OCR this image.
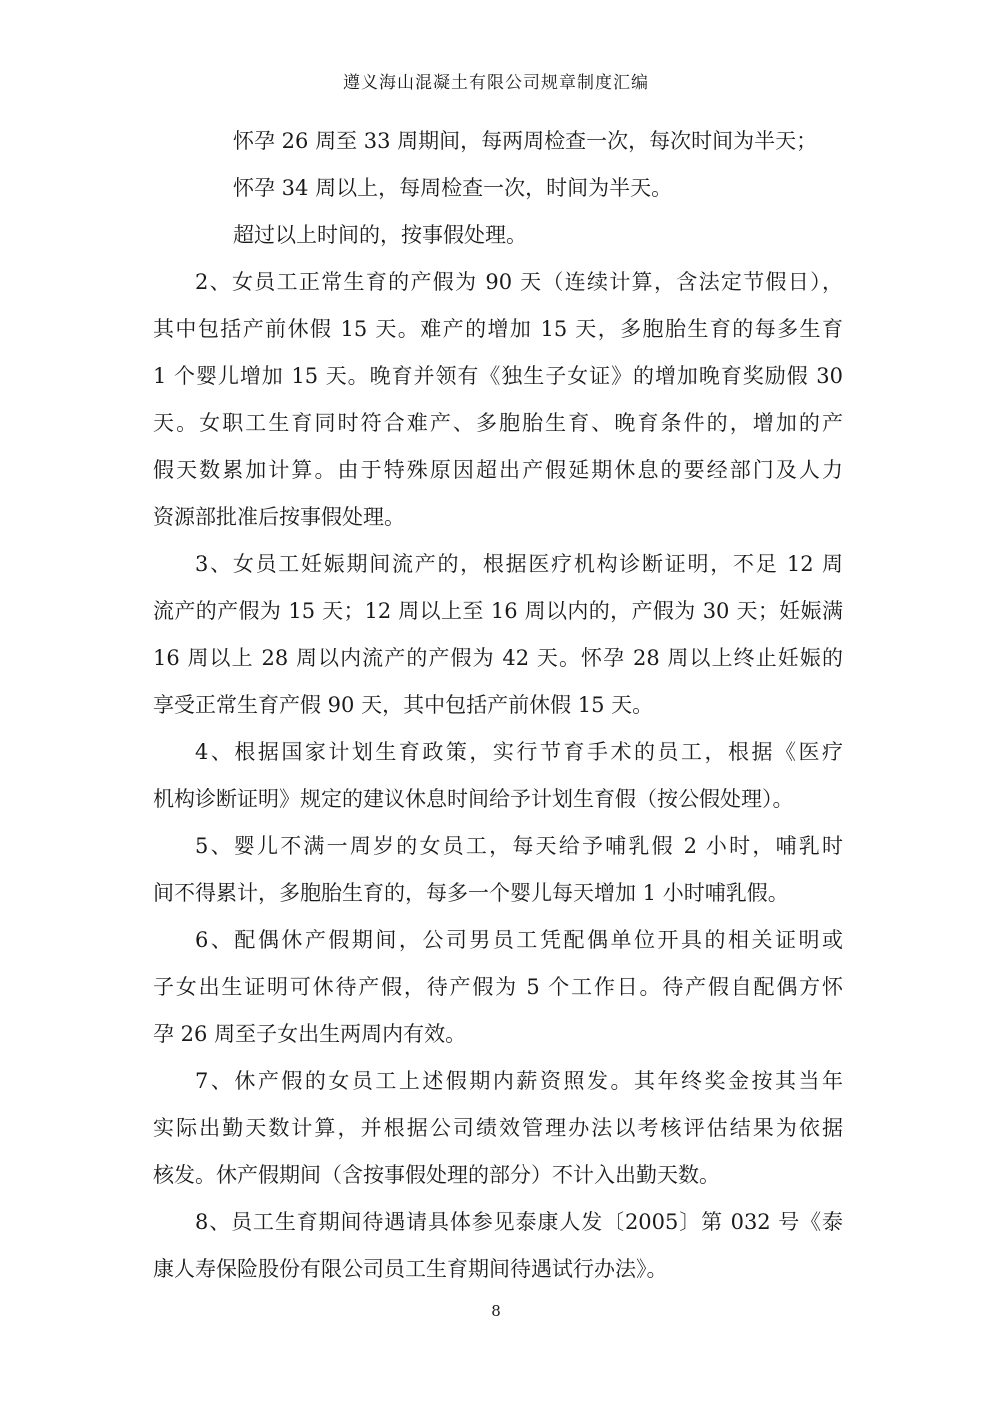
遵义海山混凝土有限公司规章制度汇编
怀孕 26 周至 33 周期间，每两周检查一次，每次时间为半天；
怀孕 34 周以上，每周检查一次，时间为半天。
超过以上时间的，按事假处理。
2、女员工正常生育的产假为 90 天（连续计算，含法定节假日），
其中包括产前休假 15 天。难产的增加 15 天，多胞胎生育的每多生育
1 个婴儿增加 15 天。晚育并领有《独生子女证》的增加晚育奖励假 30
天。女职工生育同时符合难产、多胞胎生育、晚育条件的，增加的产
假天数累加计算。由于特殊原因超出产假延期休息的要经部门及人力
资源部批准后按事假处理。
3、女员工妊娠期间流产的，根据医疗机构诊断证明，不足 12 周
流产的产假为 15 天；12 周以上至 16 周以内的，产假为 30 天；妊娠满
16 周以上 28 周以内流产的产假为 42 天。怀孕 28 周以上终止妊娠的
享受正常生育产假 90 天，其中包括产前休假 15 天。
4、根据国家计划生育政策，实行节育手术的员工，根据《医疗
机构诊断证明》规定的建议休息时间给予计划生育假（按公假处理）。
5、婴儿不满一周岁的女员工，每天给予哺乳假 2 小时，哺乳时
间不得累计，多胞胎生育的，每多一个婴儿每天增加 1 小时哺乳假。
6、配偶休产假期间，公司男员工凭配偶单位开具的相关证明或
子女出生证明可休待产假，待产假为 5 个工作日。待产假自配偶方怀
孕 26 周至子女出生两周内有效。
7、休产假的女员工上述假期内薪资照发。其年终奖金按其当年
实际出勤天数计算，并根据公司绩效管理办法以考核评估结果为依据
核发。休产假期间（含按事假处理的部分）不计入出勤天数。
8、员工生育期间待遇请具体参见泰康人发〔2005〕第 032 号《泰
康人寿保险股份有限公司员工生育期间待遇试行办法》。
8
